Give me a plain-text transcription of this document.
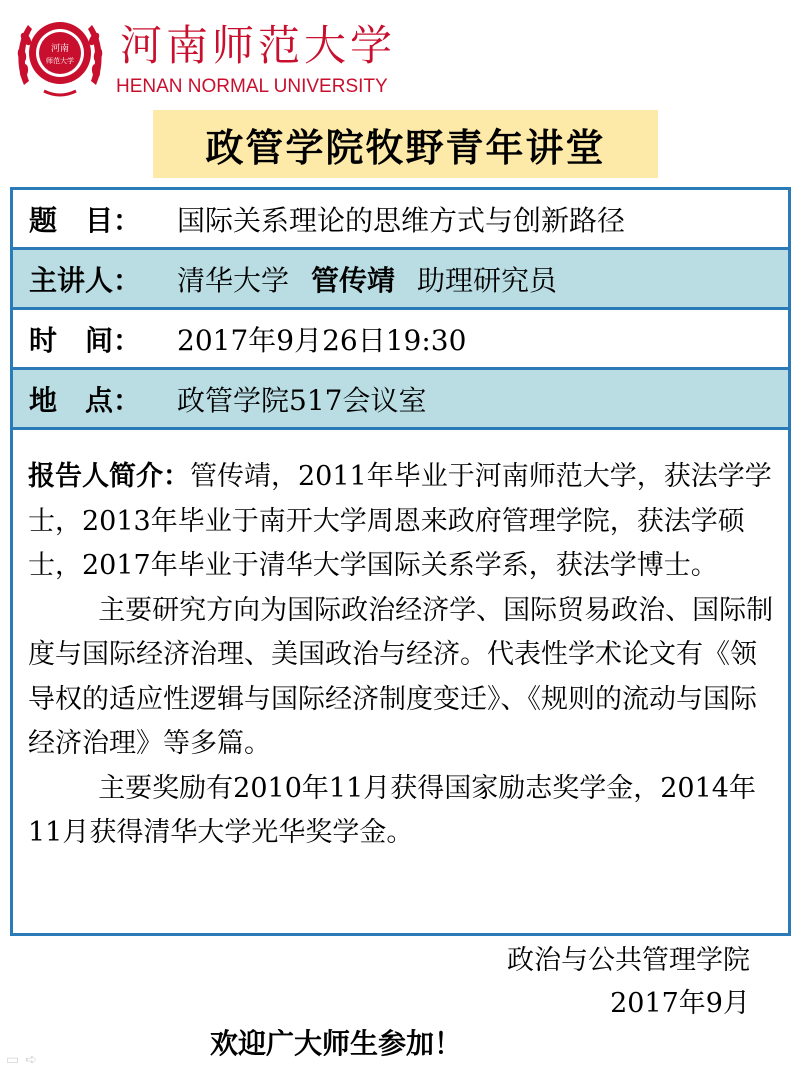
河南
师范大学 河南师范大学
HENAN NORMAL UNIVERSITY
政管学院牧野青年讲堂
题　目：	国际关系理论的思维方式与创新路径
主讲人：	清华大学 管传靖 助理研究员
时　间：	2017年9月26日19:30
地　点：	政管学院517会议室

报告人简介：管传靖，2011年毕业于河南师范大学，获法学学士，2013年毕业于南开大学周恩来政府管理学院，获法学硕士，2017年毕业于清华大学国际关系学系，获法学博士。

主要研究方向为国际政治经济学、国际贸易政治、国际制度与国际经济治理、美国政治与经济。代表性学术论文有《领导权的适应性逻辑与国际经济制度变迁》、《规则的流动与国际经济治理》等多篇。

主要奖励有2010年11月获得国家励志奖学金，2014年11月获得清华大学光华奖学金。

政治与公共管理学院
2017年9月
欢迎广大师生参加！
▭ ➪
